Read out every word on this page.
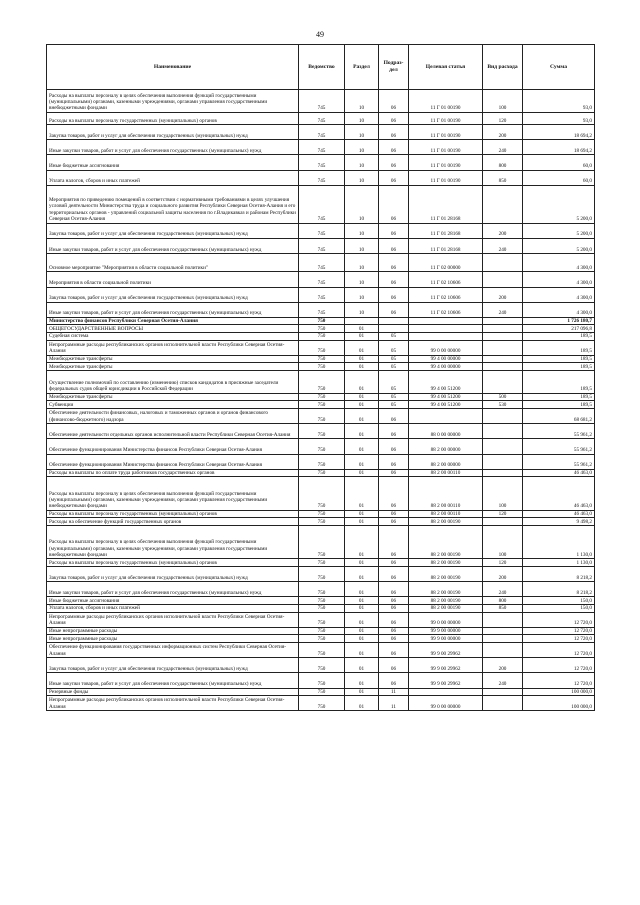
49
Наименование	Ведомство	Раздел	Подраз-дел	Целевая статья	Вид расхода	Сумма
Расходы на выплаты персоналу в целях обеспечения выполнения функций государственными (муниципальными) органами, казенными учреждениями, органами управления государственными внебюджетными фондами	745	10	06	11 Г 01 00190	100	93,0
Расходы на выплаты персоналу государственных (муниципальных) органов	745	10	06	11 Г 01 00190	120	93,0
Закупка товаров, работ и услуг для обеспечения государственных (муниципальных) нужд	745	10	06	11 Г 01 00190	200	18 694,2
Иные закупки товаров, работ и услуг для обеспечения государственных (муниципальных) нужд	745	10	06	11 Г 01 00190	240	18 694,2
Иные бюджетные ассигнования	745	10	06	11 Г 01 00190	800	60,0
Уплата налогов, сборов и иных платежей	745	10	06	11 Г 01 00190	850	60,0
Мероприятия по приведению помещений в соответствии с нормативными требованиями в целях улучшения условий деятельности Министерства труда и социального развития Республики Северная Осетия-Алания и его территориальных органов - управлений социальной защиты населения по г.Владикавказ и районам Республики Северная Осетия-Алания	745	10	06	11 Г 01 28168		5 200,0
Закупка товаров, работ и услуг для обеспечения государственных (муниципальных) нужд	745	10	06	11 Г 01 28168	200	5 200,0
Иные закупки товаров, работ и услуг для обеспечения государственных (муниципальных) нужд	745	10	06	11 Г 01 28168	240	5 200,0
Основное мероприятие "Мероприятия в области социальной политики"	745	10	06	11 Г 02 00000		4 300,0
Мероприятия в области социальной политики	745	10	06	11 Г 02 10606		4 300,0
Закупка товаров, работ и услуг для обеспечения государственных (муниципальных) нужд	745	10	06	11 Г 02 10606	200	4 300,0
Иные закупки товаров, работ и услуг для обеспечения государственных (муниципальных) нужд	745	10	06	11 Г 02 10606	240	4 300,0
Министерство финансов Республики Северная Осетия-Алания	750					1 726 180,7
ОБЩЕГОСУДАРСТВЕННЫЕ ВОПРОСЫ	750	01				217 096,8
Судебная система	750	01	05			189,5
Непрограммные расходы республиканских органов исполнительной власти Республики Северная Осетия-Алания	750	01	05	99 0 00 00000		189,5
Межбюджетные трансферты	750	01	05	99 4 00 00000		189,5
Межбюджетные трансферты	750	01	05	99 4 00 00000		189,5
Осуществление полномочий по составлению (изменению) списков кандидатов в присяжные заседатели федеральных судов общей юрисдикции в Российской Федерации	750	01	05	99 4 00 51200		189,5
Межбюджетные трансферты	750	01	05	99 4 00 51200	500	189,5
Субвенции	750	01	05	99 4 00 51200	530	189,5
Обеспечение деятельности финансовых, налоговых и таможенных органов и органов финансового (финансово-бюджетного) надзора	750	01	06			68 681,2
Обеспечение деятельности отдельных органов исполнительной власти Республики Северная Осетия-Алания	750	01	06	88 0 00 00000		55 961,2
Обеспечение функционирования Министерства финансов Республики Северная Осетия-Алания	750	01	06	88 2 00 00000		55 961,2
Обеспечение функционирования Министерства финансов Республики Северная Осетия-Алания	750	01	06	88 2 00 00000		55 961,2
Расходы на выплаты по оплате труда работников государственных органов	750	01	06	88 2 00 00110		46 463,0
Расходы на выплаты персоналу в целях обеспечения выполнения функций государственными (муниципальными) органами, казенными учреждениями, органами управления государственными внебюджетными фондами	750	01	06	88 2 00 00110	100	46 463,0
Расходы на выплаты персоналу государственных (муниципальных) органов	750	01	06	88 2 00 00110	120	46 463,0
Расходы на обеспечение функций государственных органов	750	01	06	88 2 00 00190		9 498,2
Расходы на выплаты персоналу в целях обеспечения выполнения функций государственными (муниципальными) органами, казенными учреждениями, органами управления государственными внебюджетными фондами	750	01	06	88 2 00 00190	100	1 130,0
Расходы на выплаты персоналу государственных (муниципальных) органов	750	01	06	88 2 00 00190	120	1 130,0
Закупка товаров, работ и услуг для обеспечения государственных (муниципальных) нужд	750	01	06	88 2 00 00190	200	8 218,2
Иные закупки товаров, работ и услуг для обеспечения государственных (муниципальных) нужд	750	01	06	88 2 00 00190	240	8 218,2
Иные бюджетные ассигнования	750	01	06	88 2 00 00190	800	150,0
Уплата налогов, сборов и иных платежей	750	01	06	88 2 00 00190	850	150,0
Непрограммные расходы республиканских органов исполнительной власти Республики Северная Осетия-Алания	750	01	06	99 0 00 00000		12 720,0
Иные непрограммные расходы	750	01	06	99 9 00 00000		12 720,0
Иные непрограммные расходы	750	01	06	99 9 00 00000		12 720,0
Обеспечение функционирования государственных информационных систем Республики Северная Осетия-Алания	750	01	06	99 9 00 29962		12 720,0
Закупка товаров, работ и услуг для обеспечения государственных (муниципальных) нужд	750	01	06	99 9 00 29962	200	12 720,0
Иные закупки товаров, работ и услуг для обеспечения государственных (муниципальных) нужд	750	01	06	99 9 00 29962	240	12 720,0
Резервные фонды	750	01	11			100 000,0
Непрограммные расходы республиканских органов исполнительной власти Республики Северная Осетия-Алания	750	01	11	99 0 00 00000		100 000,0
